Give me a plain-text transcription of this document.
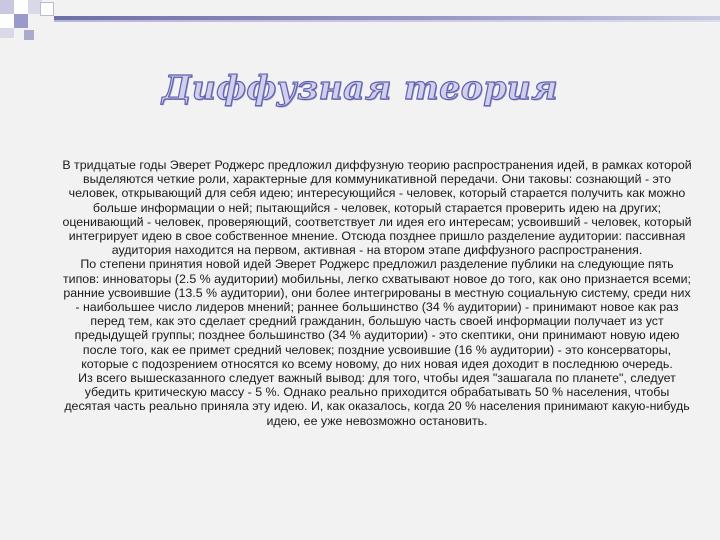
Диффузная теория

В тридцатые годы Эверет Роджерс предложил диффузную теорию распространения идей, в рамках которой выделяются четкие роли, характерные для коммуникативной передачи. Они таковы: сознающий - это человек, открывающий для себя идею; интересующийся - человек, который старается получить как можно больше информации о ней; пытающийся - человек, который старается проверить идею на других; оценивающий - человек, проверяющий, соответствует ли идея его интересам; усвоивший - человек, который интегрирует идею в свое собственное мнение. Отсюда позднее пришло разделение аудитории: пассивная аудитория находится на первом, активная - на втором этапе диффузного распространения.

По степени принятия новой идей Эверет Роджерс предложил разделение публики на следующие пять типов: инноваторы (2.5 % аудитории) мобильны, легко схватывают новое до того, как оно признается всеми; ранние усвоившие (13.5 % аудитории), они более интегрированы в местную социальную систему, среди них - наибольшее число лидеров мнений; раннее большинство (34 % аудитории) - принимают новое как раз перед тем, как это сделает средний гражданин, большую часть своей информации получает из уст предыдущей группы; позднее большинство (34 % аудитории) - это скептики, они принимают новую идею после того, как ее примет средний человек; поздние усвоившие (16 % аудитории) - это консерваторы, которые с подозрением относятся ко всему новому, до них новая идея доходит в последнюю очередь.

Из всего вышесказанного следует важный вывод: для того, чтобы идея "зашагала по планете", следует убедить критическую массу - 5 %. Однако реально приходится обрабатывать 50 % населения, чтобы десятая часть реально приняла эту идею. И, как оказалось, когда 20 % населения принимают какую-нибудь идею, ее уже невозможно остановить.
